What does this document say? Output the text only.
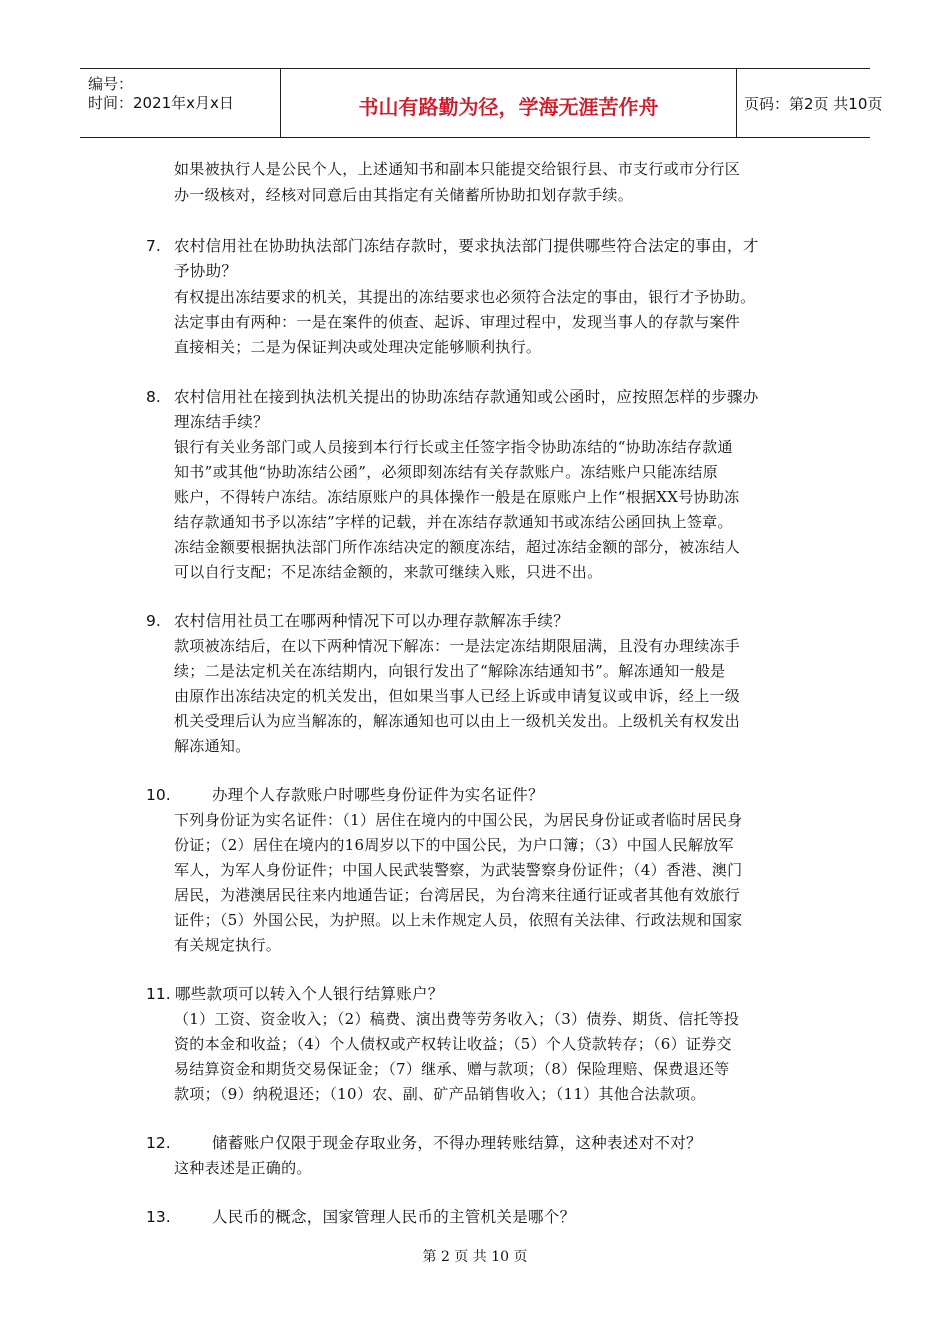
编号：
时间：2021年x月x日	书山有路勤为径，学海无涯苦作舟	页码：第2页 共10页
如果被执行人是公民个人，上述通知书和副本只能提交给银行县、市支行或市分行区
办一级核对，经核对同意后由其指定有关储蓄所协助扣划存款手续。
7. 农村信用社在协助执法部门冻结存款时，要求执法部门提供哪些符合法定的事由，才
予协助？
有权提出冻结要求的机关，其提出的冻结要求也必须符合法定的事由，银行才予协助。
法定事由有两种：一是在案件的侦查、起诉、审理过程中，发现当事人的存款与案件
直接相关；二是为保证判决或处理决定能够顺利执行。
8. 农村信用社在接到执法机关提出的协助冻结存款通知或公函时，应按照怎样的步骤办
理冻结手续？
银行有关业务部门或人员接到本行行长或主任签字指令协助冻结的“协助冻结存款通
知书”或其他“协助冻结公函”，必须即刻冻结有关存款账户。冻结账户只能冻结原
账户，不得转户冻结。冻结原账户的具体操作一般是在原账户上作“根据XX号协助冻
结存款通知书予以冻结”字样的记载，并在冻结存款通知书或冻结公函回执上签章。
冻结金额要根据执法部门所作冻结决定的额度冻结，超过冻结金额的部分，被冻结人
可以自行支配；不足冻结金额的，来款可继续入账，只进不出。
9. 农村信用社员工在哪两种情况下可以办理存款解冻手续？
款项被冻结后，在以下两种情况下解冻：一是法定冻结期限届满，且没有办理续冻手
续；二是法定机关在冻结期内，向银行发出了“解除冻结通知书”。解冻通知一般是
由原作出冻结决定的机关发出，但如果当事人已经上诉或申请复议或申诉，经上一级
机关受理后认为应当解冻的，解冻通知也可以由上一级机关发出。上级机关有权发出
解冻通知。
10.	办理个人存款账户时哪些身份证件为实名证件？
下列身份证为实名证件：（1）居住在境内的中国公民，为居民身份证或者临时居民身
份证；（2）居住在境内的16周岁以下的中国公民，为户口簿；（3）中国人民解放军
军人，为军人身份证件；中国人民武装警察，为武装警察身份证件；（4）香港、澳门
居民，为港澳居民往来内地通告证；台湾居民，为台湾来往通行证或者其他有效旅行
证件；（5）外国公民，为护照。以上未作规定人员，依照有关法律、行政法规和国家
有关规定执行。
11. 哪些款项可以转入个人银行结算账户？
（1）工资、资金收入；（2）稿费、演出费等劳务收入；（3）债券、期货、信托等投
资的本金和收益；（4）个人债权或产权转让收益；（5）个人贷款转存；（6）证券交
易结算资金和期货交易保证金；（7）继承、赠与款项；（8）保险理赔、保费退还等
款项；（9）纳税退还；（10）农、副、矿产品销售收入；（11）其他合法款项。
12.	储蓄账户仅限于现金存取业务，不得办理转账结算，这种表述对不对？
这种表述是正确的。
13.	人民币的概念，国家管理人民币的主管机关是哪个？
第 2 页 共 10 页
